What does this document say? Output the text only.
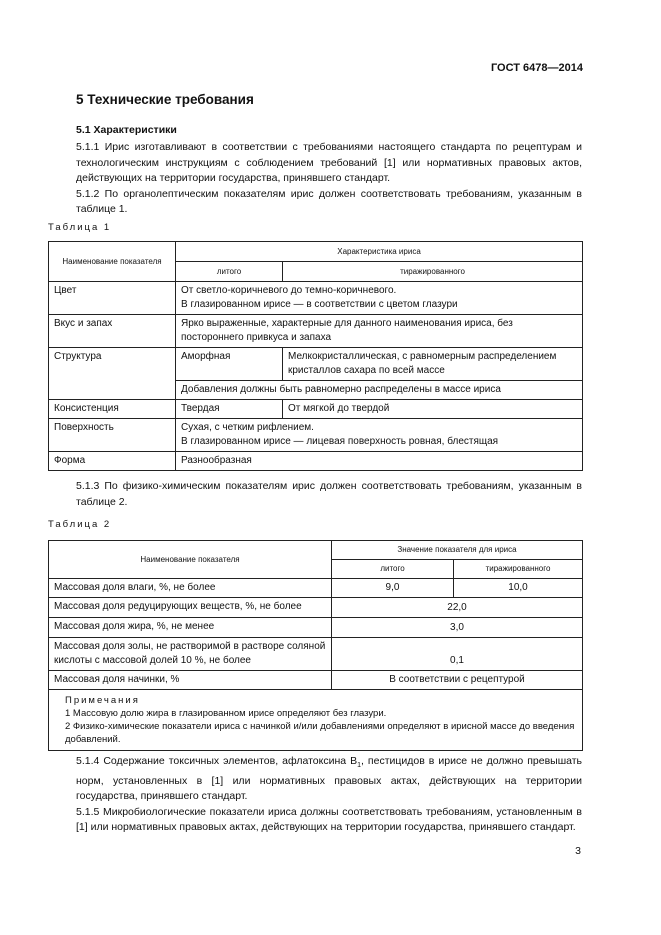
ГОСТ 6478—2014
5 Технические требования
5.1 Характеристики

5.1.1 Ирис изготавливают в соответствии с требованиями настоящего стандарта по рецептурам и технологическим инструкциям с соблюдением требований [1] или нормативных правовых актов, действующих на территории государства, принявшего стандарт.

5.1.2 По органолептическим показателям ирис должен соответствовать требованиям, указанным в таблице 1.

Таблица 1
Наименование показателя	Характеристика ириса	
	литого	тиражированного
Цвет	От светло-коричневого до темно-коричневого.
В глазированном ирисе — в соответствии с цветом глазури	

Вкус и запах	Ярко выраженные, характерные для данного наименования ириса, без постороннего привкуса и запаха	
Структура	Аморфная	Мелкокристаллическая, с равномерным распределением кристаллов сахара по всей массе
	Добавления должны быть равномерно распределены в массе ириса	
Консистенция	Твердая	От мягкой до твердой
Поверхность	Сухая, с четким рифлением.
В глазированном ирисе — лицевая поверхность ровная, блестящая	

Форма	Разнообразная	

5.1.3 По физико-химическим показателям ирис должен соответствовать требованиям, указанным в таблице 2.

Таблица 2
Наименование показателя	Значение показателя для ириса	
	литого	тиражированного
Массовая доля влаги, %, не более	9,0	10,0
Массовая доля редуцирующих веществ, %, не более	22,0	
Массовая доля жира, %, не менее	3,0	
Массовая доля золы, не растворимой в растворе соляной кислоты с массовой долей 10 %, не более	0,1	
Массовая доля начинки, %	В соответствии с рецептурой	

Примечания
1 Массовую долю жира в глазированном ирисе определяют без глазури.
2 Физико-химические показатели ириса с начинкой и/или добавлениями определяют в ирисной массе до введения добавлений.		

5.1.4 Содержание токсичных элементов, афлатоксина $В_1$, пестицидов в ирисе не должно превышать норм, установленных в [1] или нормативных правовых актах, действующих на территории государства, принявшего стандарт.

5.1.5 Микробиологические показатели ириса должны соответствовать требованиям, установленным в [1] или нормативных правовых актах, действующих на территории государства, принявшего стандарт.

3
